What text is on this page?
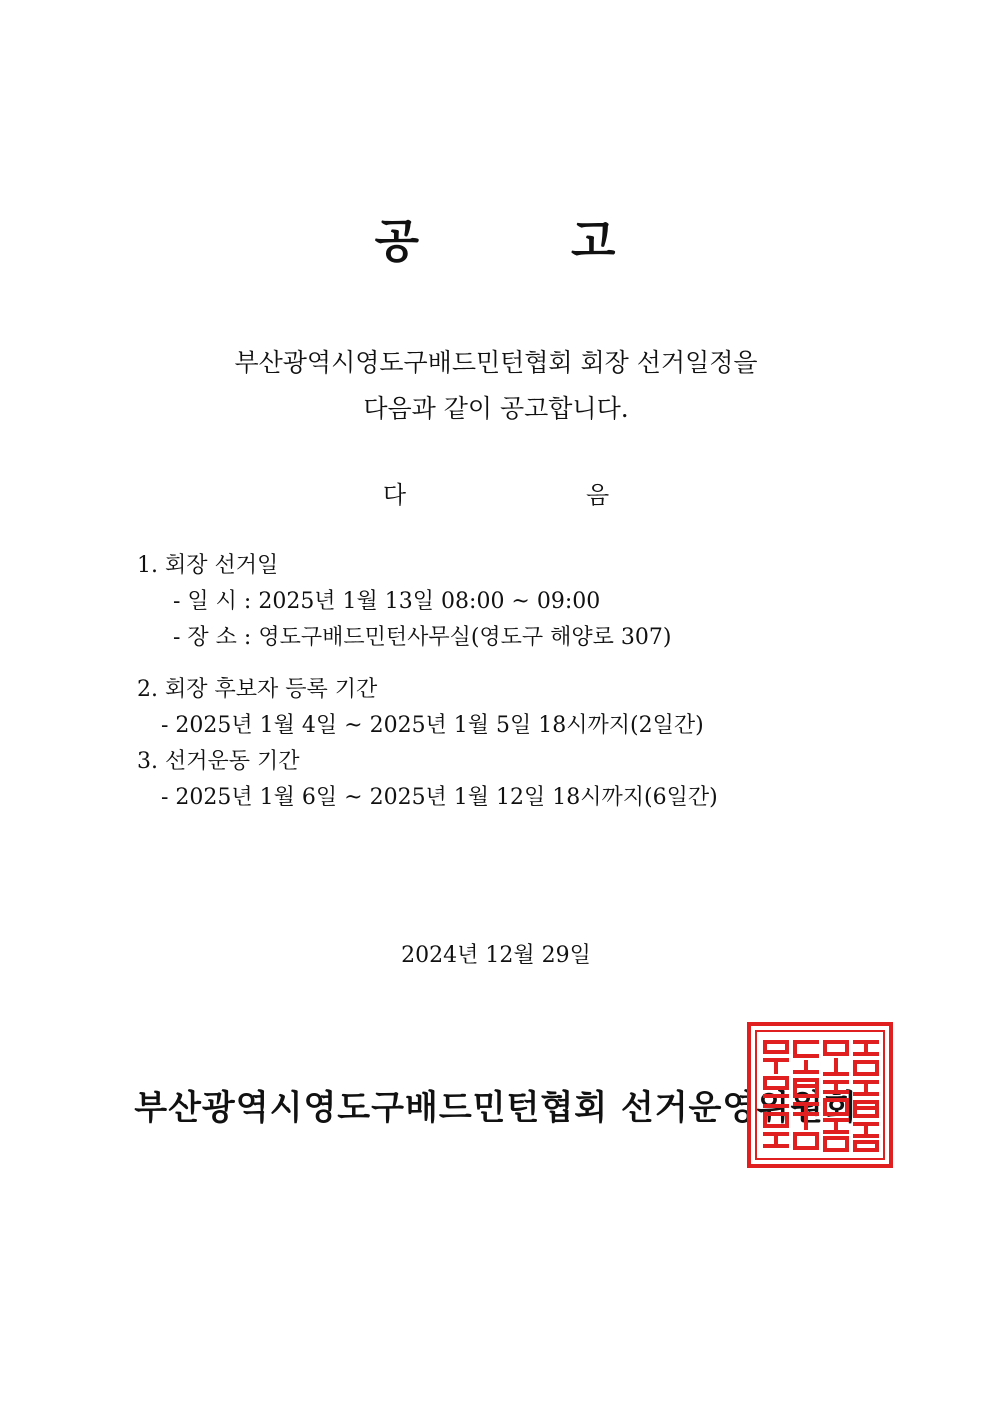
공	고
부산광역시영도구배드민턴협회 회장 선거일정을
다음과 같이 공고합니다.
다	음
1. 회장 선거일
- 일 시 : 2025년 1월 13일 08:00 ~ 09:00
- 장 소 : 영도구배드민턴사무실(영도구 해양로 307)
2. 회장 후보자 등록 기간
- 2025년 1월 4일 ~ 2025년 1월 5일 18시까지(2일간)
3. 선거운동 기간
- 2025년 1월 6일 ~ 2025년 1월 12일 18시까지(6일간)
2024년 12월 29일
부산광역시영도구배드민턴협회 선거운영위원회
